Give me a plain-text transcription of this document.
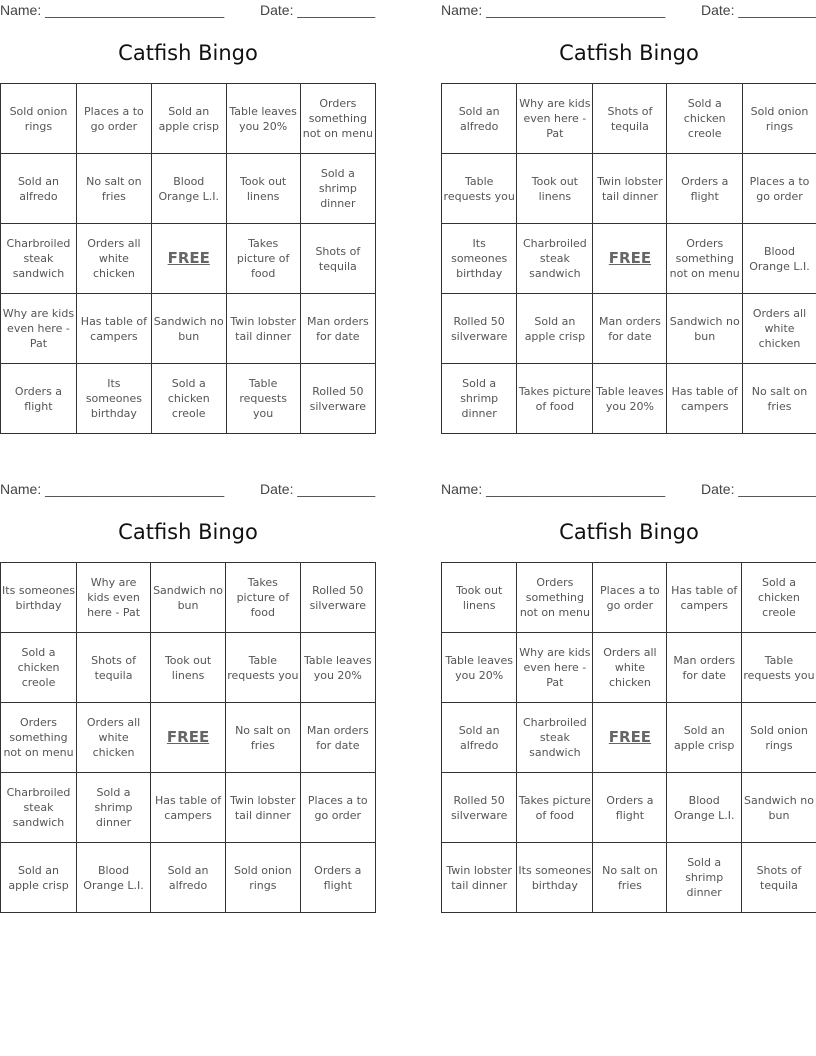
Name: _______________________	Date: __________
Catfish Bingo
Sold onion rings	Places a to go order	Sold an apple crisp	Table leaves you 20%	Orders something not on menu
Sold an alfredo	No salt on fries	Blood Orange L.I.	Took out linens	Sold a shrimp dinner
Charbroiled steak sandwich	Orders all white chicken	FREE	Takes picture of food	Shots of tequila
Why are kids even here - Pat	Has table of campers	Sandwich no bun	Twin lobster tail dinner	Man orders for date
Orders a flight	Its someones birthday	Sold a chicken creole	Table requests you	Rolled 50 silverware
Name: _______________________	Date: __________
Catfish Bingo
Sold an alfredo	Why are kids even here - Pat	Shots of tequila	Sold a chicken creole	Sold onion rings
Table requests you	Took out linens	Twin lobster tail dinner	Orders a flight	Places a to go order
Its someones birthday	Charbroiled steak sandwich	FREE	Orders something not on menu	Blood Orange L.I.
Rolled 50 silverware	Sold an apple crisp	Man orders for date	Sandwich no bun	Orders all white chicken
Sold a shrimp dinner	Takes picture of food	Table leaves you 20%	Has table of campers	No salt on fries
Name: _______________________	Date: __________
Catfish Bingo
Its someones birthday	Why are kids even here - Pat	Sandwich no bun	Takes picture of food	Rolled 50 silverware
Sold a chicken creole	Shots of tequila	Took out linens	Table requests you	Table leaves you 20%
Orders something not on menu	Orders all white chicken	FREE	No salt on fries	Man orders for date
Charbroiled steak sandwich	Sold a shrimp dinner	Has table of campers	Twin lobster tail dinner	Places a to go order
Sold an apple crisp	Blood Orange L.I.	Sold an alfredo	Sold onion rings	Orders a flight
Name: _______________________	Date: __________
Catfish Bingo
Took out linens	Orders something not on menu	Places a to go order	Has table of campers	Sold a chicken creole
Table leaves you 20%	Why are kids even here - Pat	Orders all white chicken	Man orders for date	Table requests you
Sold an alfredo	Charbroiled steak sandwich	FREE	Sold an apple crisp	Sold onion rings
Rolled 50 silverware	Takes picture of food	Orders a flight	Blood Orange L.I.	Sandwich no bun
Twin lobster tail dinner	Its someones birthday	No salt on fries	Sold a shrimp dinner	Shots of tequila
